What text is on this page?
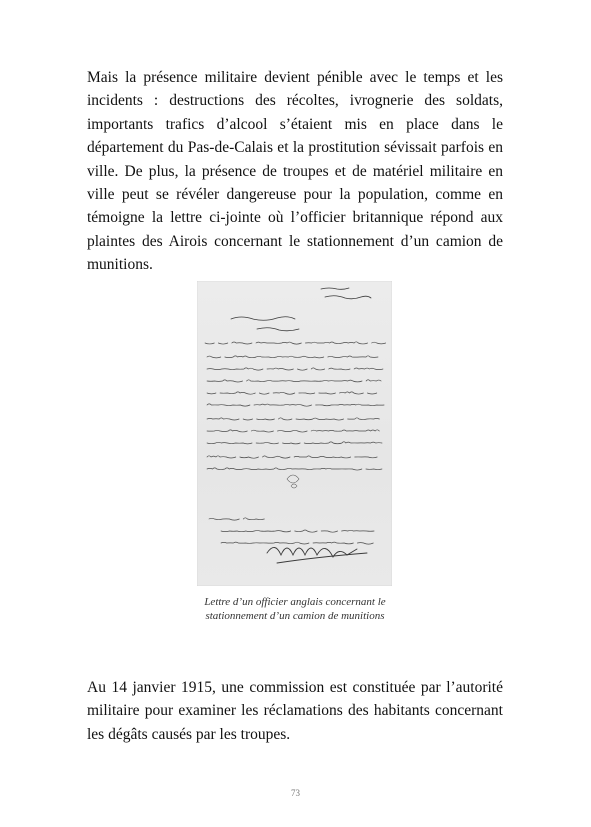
Mais la présence militaire devient pénible avec le temps et les incidents : destructions des récoltes, ivrognerie des soldats, importants trafics d’alcool s’étaient mis en place dans le département du Pas-de-Calais et la prostitution sévissait parfois en ville. De plus, la présence de troupes et de matériel militaire en ville peut se révéler dangereuse pour la population, comme en témoigne la lettre ci-jointe où l’officier britannique répond aux plaintes des Airois concernant le stationnement d’un camion de munitions.

Lettre d’un officier anglais concernant le stationnement d’un camion de munitions

Au 14 janvier 1915, une commission est constituée par l’autorité militaire pour examiner les réclamations des habitants concernant les dégâts causés par les troupes.

73
